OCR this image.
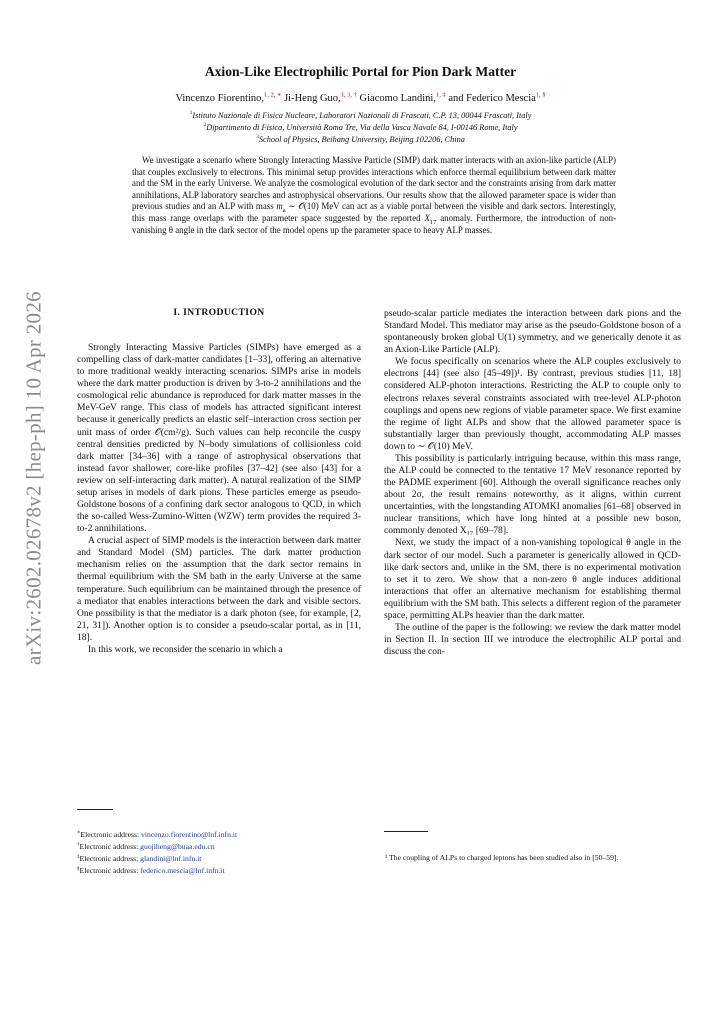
arXiv:2602.02678v2 [hep-ph] 10 Apr 2026
Axion-Like Electrophilic Portal for Pion Dark Matter
Vincenzo Fiorentino,$^{1, 2, ∗}$ Ji-Heng Guo,$^{1, 3, \dagger}$ Giacomo Landini,$^{1, \ddagger}$ and Federico Mescia$^{1, \S}$
$^1$Istituto Nazionale di Fisica Nucleare, Laboratori Nazionali di Frascati, C.P. 13, 00044 Frascati, Italy
$^2$Dipartimento di Fisica, Università Roma Tre, Via della Vasca Navale 84, I-00146 Rome, Italy
$^3$School of Physics, Beihang University, Beijing 102206, China
We investigate a scenario where Strongly Interacting Massive Particle (SIMP) dark matter interacts with an axion-like particle (ALP) that couples exclusively to electrons. This minimal setup provides interactions which enforce thermal equilibrium between dark matter and the SM in the early Universe. We analyze the cosmological evolution of the dark sector and the constraints arising from dark matter annihilations, ALP laboratory searches and astrophysical observations. Our results show that the allowed parameter space is wider than previous studies and an ALP with mass $m_a$ ∼ 𝒪(10) MeV can act as a viable portal between the visible and dark sectors. Interestingly, this mass range overlaps with the parameter space suggested by the reported $X_{17}$ anomaly. Furthermore, the introduction of non-vanishing θ angle in the dark sector of the model opens up the parameter space to heavy ALP masses.
I. INTRODUCTION

Strongly Interacting Massive Particles (SIMPs) have emerged as a compelling class of dark-matter candidates [1–33], offering an alternative to more traditional weakly interacting scenarios. SIMPs arise in models where the dark matter production is driven by 3-to-2 annihilations and the cosmological relic abundance is reproduced for dark matter masses in the MeV-GeV range. This class of models has attracted significant interest because it generically predicts an elastic self–interaction cross section per unit mass of order 𝒪(cm²/g). Such values can help reconcile the cuspy central densities predicted by N–body simulations of collisionless cold dark matter [34–36] with a range of astrophysical observations that instead favor shallower, core-like profiles [37–42] (see also [43] for a review on self-interacting dark matter). A natural realization of the SIMP setup arises in models of dark pions. These particles emerge as pseudo-Goldstone bosons of a confining dark sector analogous to QCD, in which the so-called Wess-Zumino-Witten (WZW) term provides the required 3-to-2 annihilations.

A crucial aspect of SIMP models is the interaction between dark matter and Standard Model (SM) particles. The dark matter production mechanism relies on the assumption that the dark sector remains in thermal equilibrium with the SM bath in the early Universe at the same temperature. Such equilibrium can be maintained through the presence of a mediator that enables interactions between the dark and visible sectors. One possibility is that the mediator is a dark photon (see, for example, [2, 21, 31]). Another option is to consider a pseudo-scalar portal, as in [11, 18].

In this work, we reconsider the scenario in which a

pseudo-scalar particle mediates the interaction between dark pions and the Standard Model. This mediator may arise as the pseudo-Goldstone boson of a spontaneously broken global U(1) symmetry, and we generically denote it as an Axion-Like Particle (ALP).

We focus specifically on scenarios where the ALP couples exclusively to electrons [44] (see also [45–49])¹. By contrast, previous studies [11, 18] considered ALP-photon interactions. Restricting the ALP to couple only to electrons relaxes several constraints associated with tree-level ALP-photon couplings and opens new regions of viable parameter space. We first examine the regime of light ALPs and show that the allowed parameter space is substantially larger than previously thought, accommodating ALP masses down to ∼ 𝒪(10) MeV.

This possibility is particularly intriguing because, within this mass range, the ALP could be connected to the tentative 17 MeV resonance reported by the PADME experiment [60]. Although the overall significance reaches only about 2σ, the result remains noteworthy, as it aligns, within current uncertainties, with the longstanding ATOMKI anomalies [61–68] observed in nuclear transitions, which have long hinted at a possible new boson, commonly denoted X₁₇ [69–78].

Next, we study the impact of a non-vanishing topological θ angle in the dark sector of our model. Such a parameter is generically allowed in QCD-like dark sectors and, unlike in the SM, there is no experimental motivation to set it to zero. We show that a non-zero θ angle induces additional interactions that offer an alternative mechanism for establishing thermal equilibrium with the SM bath. This selects a different region of the parameter space, permitting ALPs heavier than the dark matter.

The outline of the paper is the following: we review the dark matter model in Section II. In section III we introduce the electrophilic ALP portal and discuss the con-

∗Electronic address: vincenzo.fiorentino@lnf.infn.it
†Electronic address: guojiheng@buaa.edu.cn
‡Electronic address: glandini@lnf.infn.it
§Electronic address: federico.mescia@lnf.infn.it
¹ The coupling of ALPs to charged leptons has been studied also in [50–59].
